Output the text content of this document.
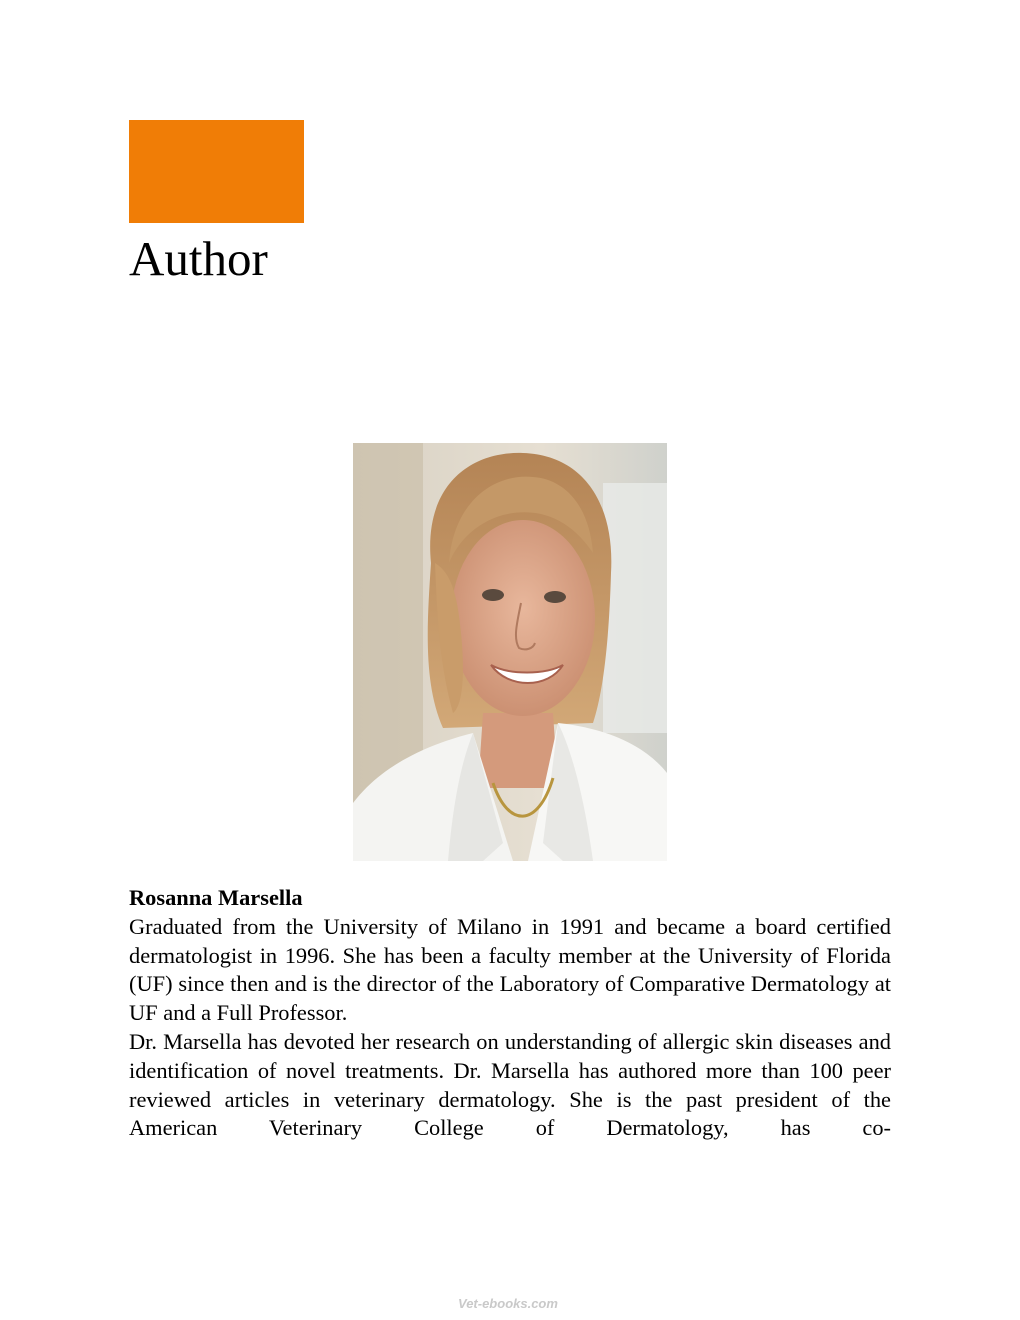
Author
Rosanna Marsella

Graduated from the University of Milano in 1991 and became a board certified dermatologist in 1996. She has been a faculty member at the University of Florida (UF) since then and is the director of the Laboratory of Comparative Dermatology at UF and a Full Professor.

Dr. Marsella has devoted her research on understanding of allergic skin diseases and identification of novel treatments. Dr. Marsella has authored more than 100 peer reviewed articles in veterinary dermatology. She is the past president of the American Veterinary College of Dermatology, has co-

Vet-ebooks.com
